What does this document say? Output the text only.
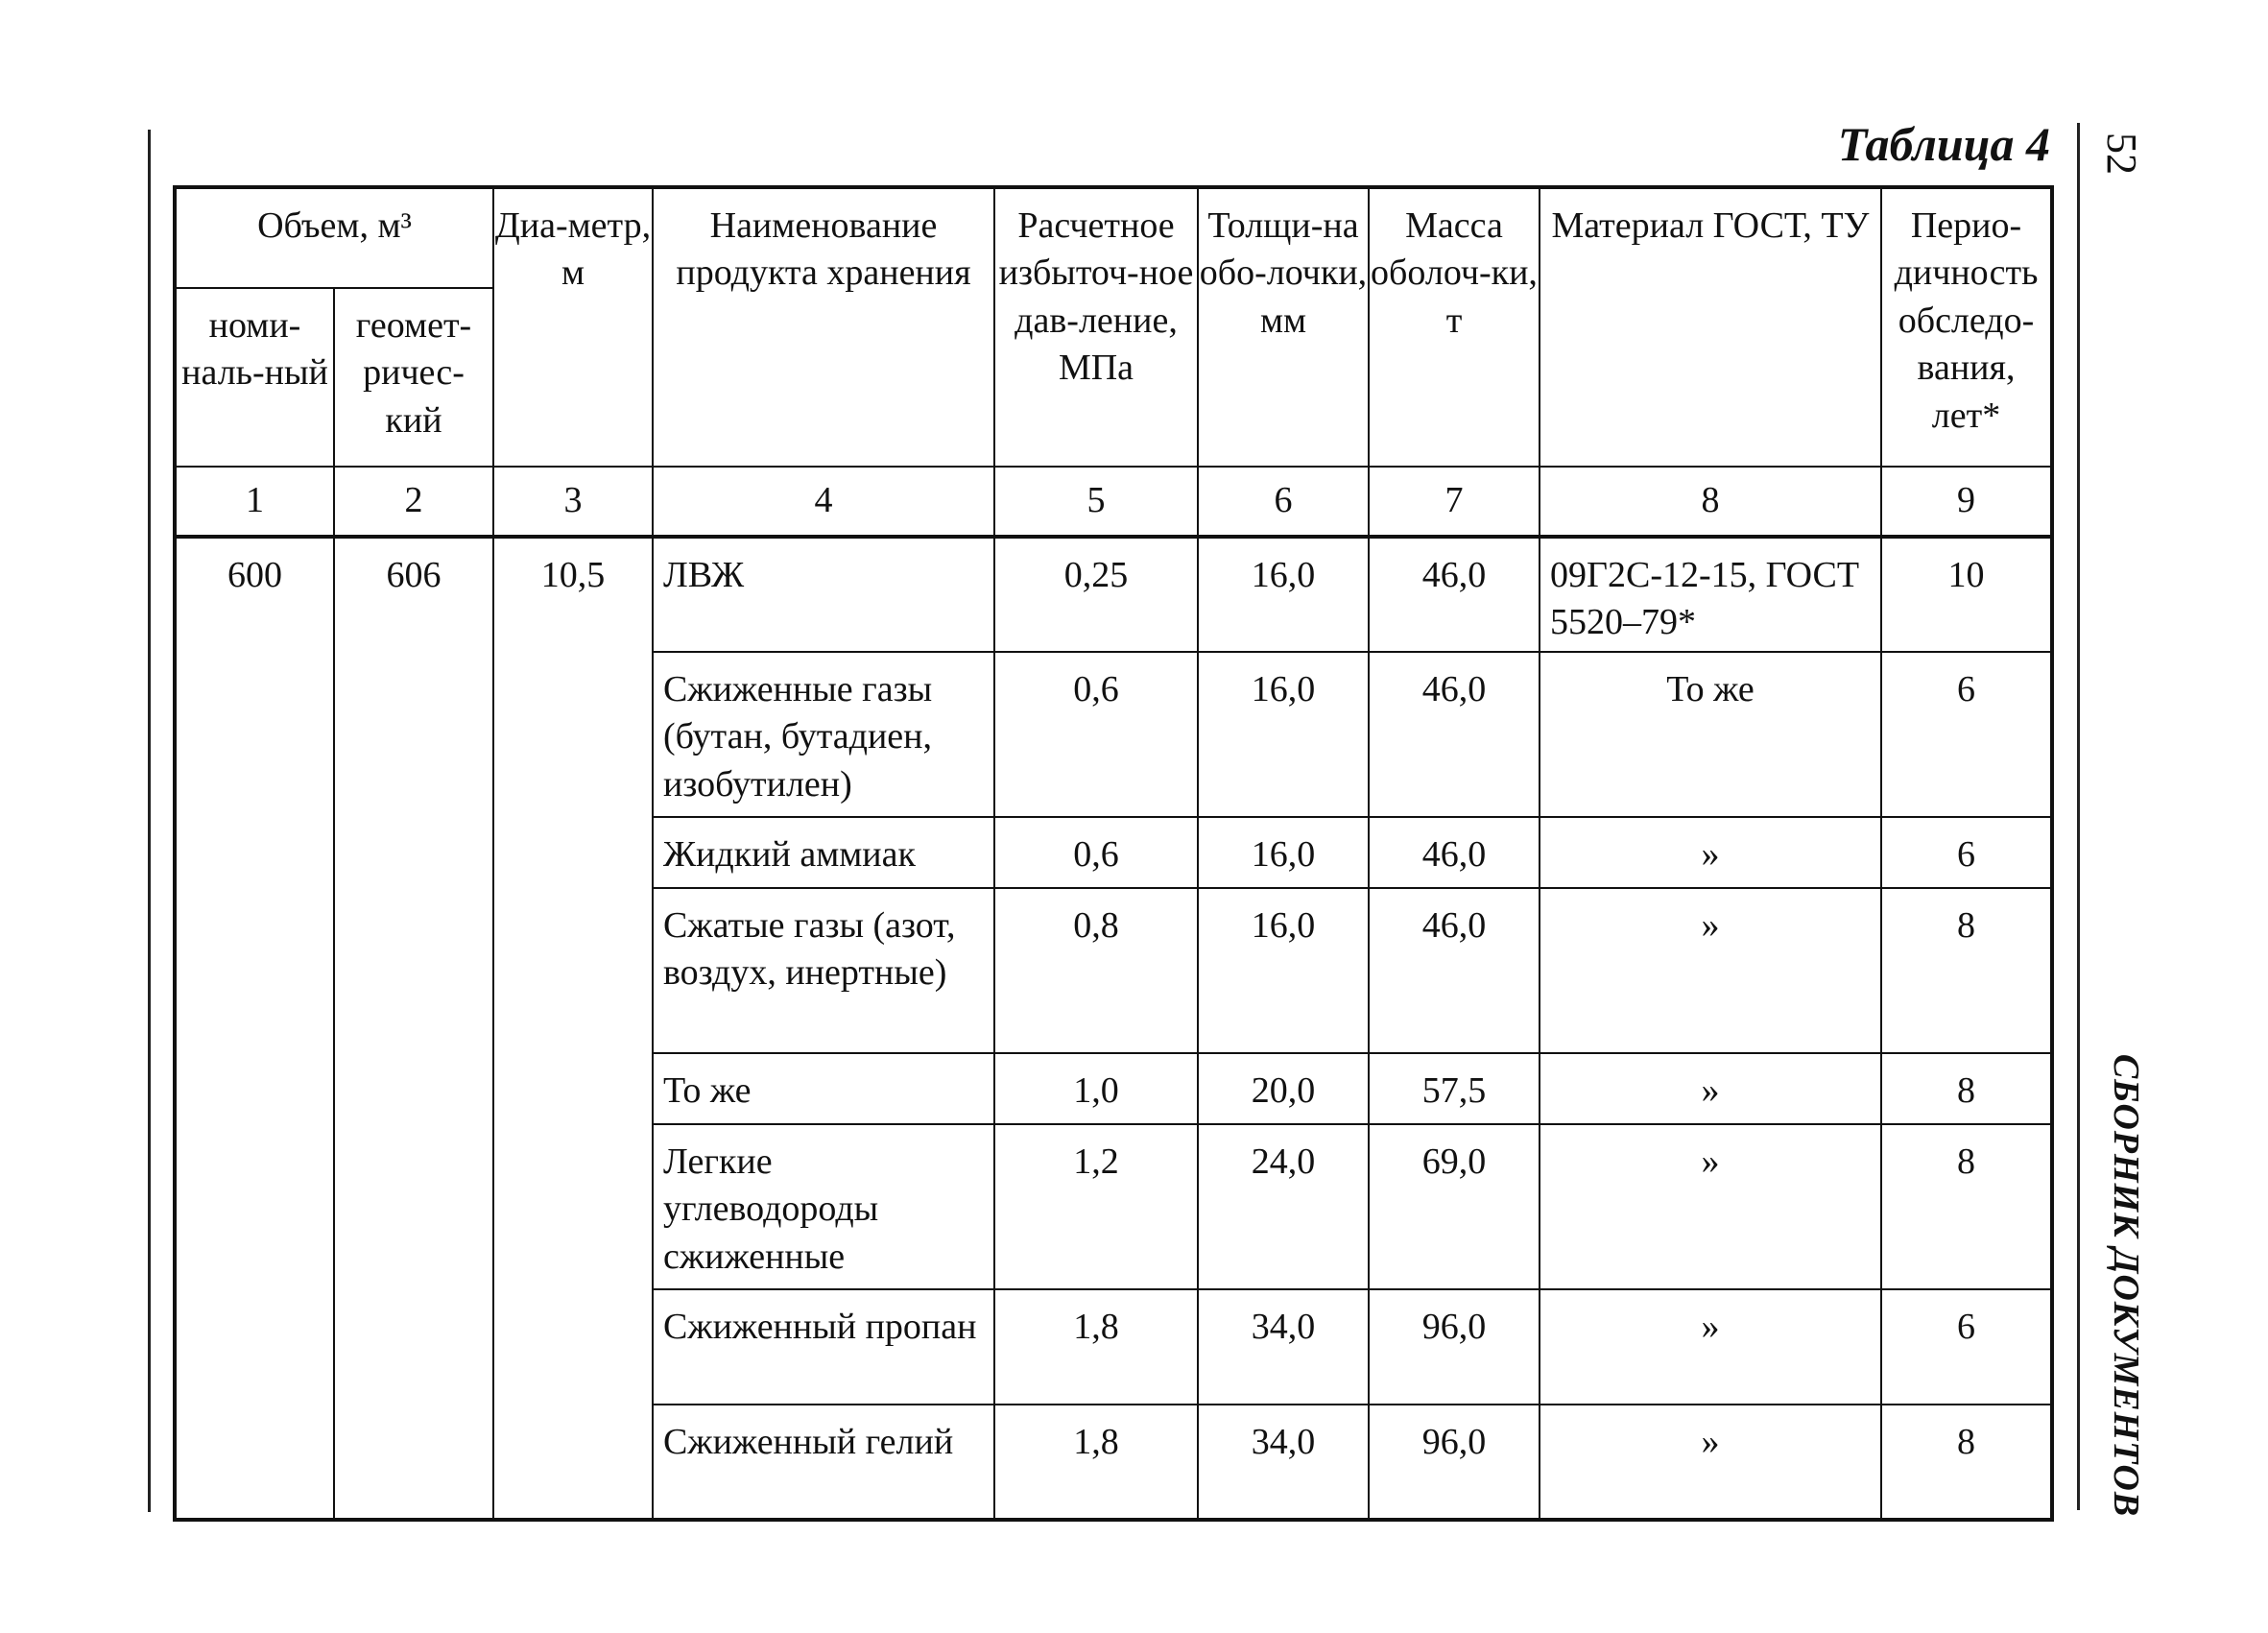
Таблица 4 52
СБОРНИК ДОКУМЕНТОВ
Объем, м³		Диа-метр, м	Наименование продукта хранения	Расчетное избыточ-ное дав-ление, МПа	Толщи-на обо-лочки, мм	Масса оболоч-ки, т	Материал ГОСТ, ТУ	Перио-дичность обследо-вания, лет*
номи-наль-ный	геомет-ричес-кий							
1	2	3	4	5	6	7	8	9
600	606	10,5	ЛВЖ	0,25	16,0	46,0	09Г2С-12-15, ГОСТ 5520–79*	10
			Сжиженные газы (бутан, бутадиен, изобутилен)	0,6	16,0	46,0	То же	6
			Жидкий аммиак	0,6	16,0	46,0	»	6
			Сжатые газы (азот, воздух, инертные)	0,8	16,0	46,0	»	8
			То же	1,0	20,0	57,5	»	8
			Легкие углеводороды сжиженные	1,2	24,0	69,0	»	8
			Сжиженный пропан	1,8	34,0	96,0	»	6
			Сжиженный гелий	1,8	34,0	96,0	»	8
